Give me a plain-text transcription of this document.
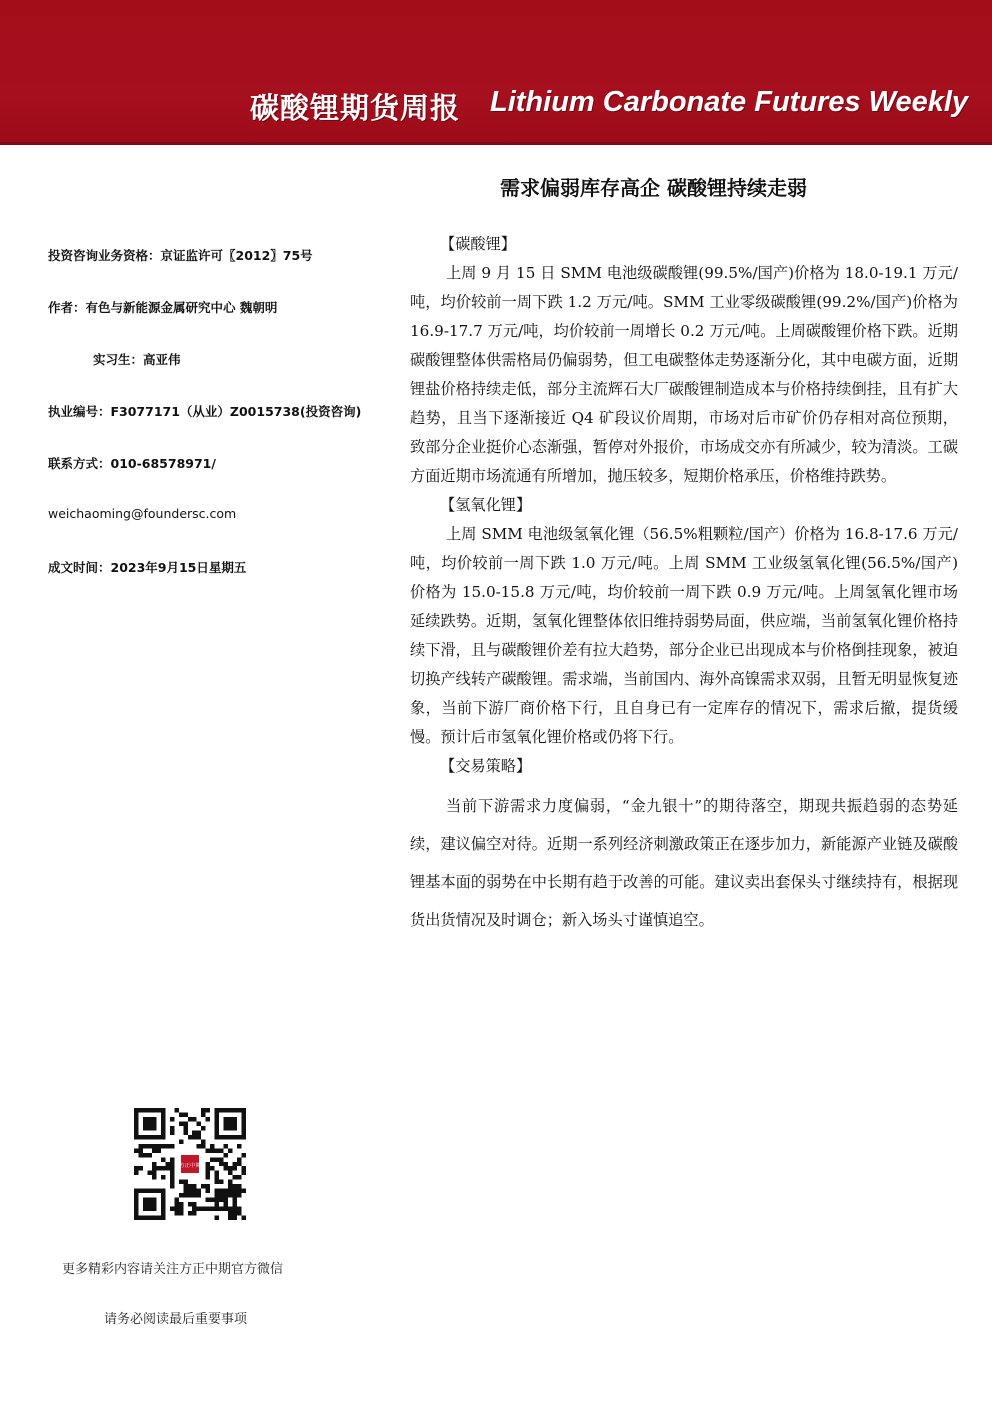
碳酸锂期货周报 Lithium Carbonate Futures Weekly
需求偏弱库存高企 碳酸锂持续走弱
投资咨询业务资格：京证监许可〖2012〗75号
作者：有色与新能源金属研究中心 魏朝明
实习生：高亚伟
执业编号：F3077171（从业）Z0015738(投资咨询)
联系方式：010-68578971/
weichaoming@foundersc.com
成文时间：2023年9月15日星期五
【碳酸锂】
上周 9 月 15 日 SMM 电池级碳酸锂(99.5%/国产)价格为 18.0-19.1 万元/吨，均价较前一周下跌 1.2 万元/吨。SMM 工业零级碳酸锂(99.2%/国产)价格为 16.9-17.7 万元/吨，均价较前一周增长 0.2 万元/吨。上周碳酸锂价格下跌。近期碳酸锂整体供需格局仍偏弱势，但工电碳整体走势逐渐分化，其中电碳方面，近期锂盐价格持续走低，部分主流辉石大厂碳酸锂制造成本与价格持续倒挂，且有扩大趋势，且当下逐渐接近 Q4 矿段议价周期，市场对后市矿价仍存相对高位预期，致部分企业挺价心态渐强，暂停对外报价，市场成交亦有所减少，较为清淡。工碳方面近期市场流通有所增加，抛压较多，短期价格承压，价格维持跌势。
【氢氧化锂】
上周 SMM 电池级氢氧化锂（56.5%粗颗粒/国产）价格为 16.8-17.6 万元/吨，均价较前一周下跌 1.0 万元/吨。上周 SMM 工业级氢氧化锂(56.5%/国产)价格为 15.0-15.8 万元/吨，均价较前一周下跌 0.9 万元/吨。上周氢氧化锂市场延续跌势。近期，氢氧化锂整体依旧维持弱势局面，供应端，当前氢氧化锂价格持续下滑，且与碳酸锂价差有拉大趋势，部分企业已出现成本与价格倒挂现象，被迫切换产线转产碳酸锂。需求端，当前国内、海外高镍需求双弱，且暂无明显恢复迹象，当前下游厂商价格下行，且自身已有一定库存的情况下，需求后撤，提货缓慢。预计后市氢氧化锂价格或仍将下行。
【交易策略】
当前下游需求力度偏弱，“金九银十”的期待落空，期现共振趋弱的态势延续，建议偏空对待。近期一系列经济刺激政策正在逐步加力，新能源产业链及碳酸锂基本面的弱势在中长期有趋于改善的可能。建议卖出套保头寸继续持有，根据现货出货情况及时调仓；新入场头寸谨慎追空。
方正中期
更多精彩内容请关注方正中期官方微信
请务必阅读最后重要事项
